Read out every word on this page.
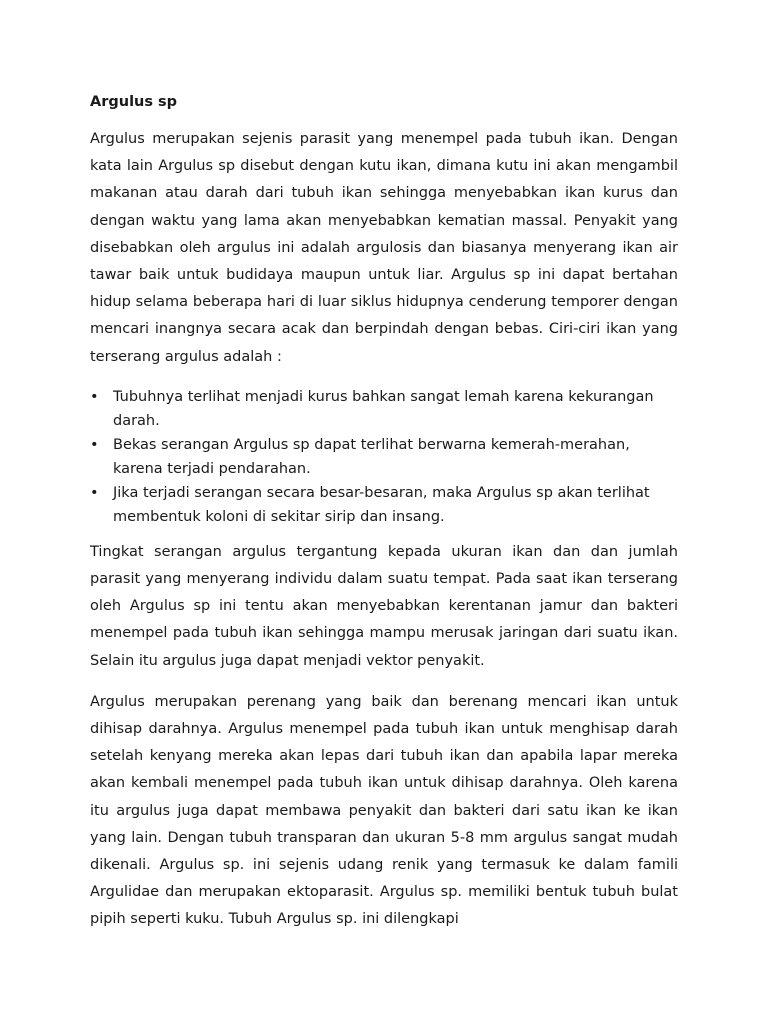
Argulus sp

Argulus merupakan sejenis parasit yang menempel pada tubuh ikan. Dengan kata lain Argulus sp disebut dengan kutu ikan, dimana kutu ini akan mengambil makanan atau darah dari tubuh ikan sehingga menyebabkan ikan kurus dan dengan waktu yang lama akan menyebabkan kematian massal. Penyakit yang disebabkan oleh argulus ini adalah argulosis dan biasanya menyerang ikan air tawar baik untuk budidaya maupun untuk liar. Argulus sp ini dapat bertahan hidup selama beberapa hari di luar siklus hidupnya cenderung temporer dengan mencari inangnya secara acak dan berpindah dengan bebas. Ciri-ciri ikan yang terserang argulus adalah :

• Tubuhnya terlihat menjadi kurus bahkan sangat lemah karena kekurangan darah.
• Bekas serangan Argulus sp dapat terlihat berwarna kemerah-merahan, karena terjadi pendarahan.
• Jika terjadi serangan secara besar-besaran, maka Argulus sp akan terlihat membentuk koloni di sekitar sirip dan insang.

Tingkat serangan argulus tergantung kepada ukuran ikan dan dan jumlah parasit yang menyerang individu dalam suatu tempat. Pada saat ikan terserang oleh Argulus sp ini tentu akan menyebabkan kerentanan jamur dan bakteri menempel pada tubuh ikan sehingga mampu merusak jaringan dari suatu ikan. Selain itu argulus juga dapat menjadi vektor penyakit.

Argulus merupakan perenang yang baik dan berenang mencari ikan untuk dihisap darahnya. Argulus menempel pada tubuh ikan untuk menghisap darah setelah kenyang mereka akan lepas dari tubuh ikan dan apabila lapar mereka akan kembali menempel pada tubuh ikan untuk dihisap darahnya. Oleh karena itu argulus juga dapat membawa penyakit dan bakteri dari satu ikan ke ikan yang lain. Dengan tubuh transparan dan ukuran 5-8 mm argulus sangat mudah dikenali. Argulus sp. ini sejenis udang renik yang termasuk ke dalam famili Argulidae dan merupakan ektoparasit. Argulus sp. memiliki bentuk tubuh bulat pipih seperti kuku. Tubuh Argulus sp. ini dilengkapi
